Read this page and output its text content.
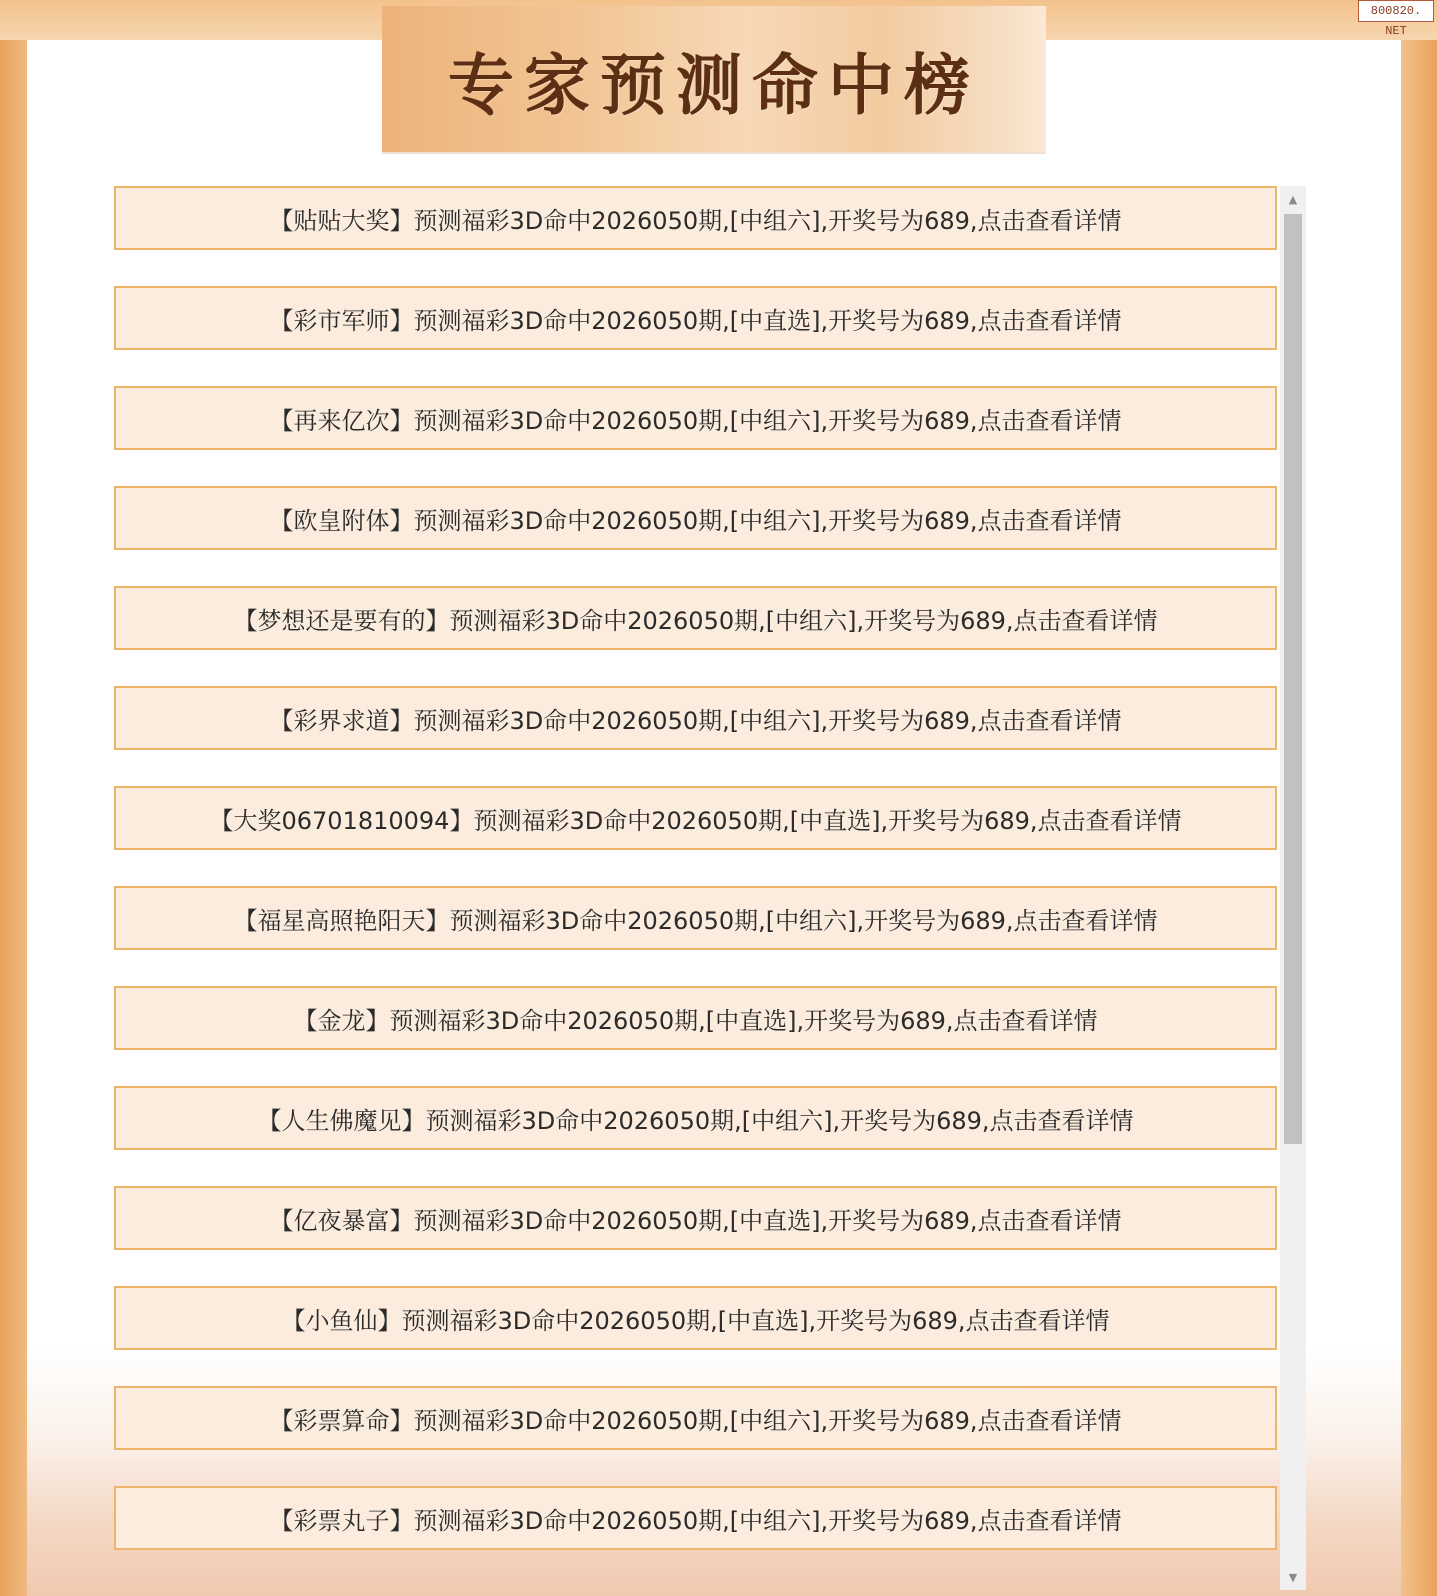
专家预测命中榜
800820. NET
【贴贴大奖】预测福彩3D命中2026050期,[中组六],开奖号为689,点击查看详情
【彩市军师】预测福彩3D命中2026050期,[中直选],开奖号为689,点击查看详情
【再来亿次】预测福彩3D命中2026050期,[中组六],开奖号为689,点击查看详情
【欧皇附体】预测福彩3D命中2026050期,[中组六],开奖号为689,点击查看详情
【梦想还是要有的】预测福彩3D命中2026050期,[中组六],开奖号为689,点击查看详情
【彩界求道】预测福彩3D命中2026050期,[中组六],开奖号为689,点击查看详情
【大奖06701810094】预测福彩3D命中2026050期,[中直选],开奖号为689,点击查看详情
【福星高照艳阳天】预测福彩3D命中2026050期,[中组六],开奖号为689,点击查看详情
【金龙】预测福彩3D命中2026050期,[中直选],开奖号为689,点击查看详情
【人生佛魔见】预测福彩3D命中2026050期,[中组六],开奖号为689,点击查看详情
【亿夜暴富】预测福彩3D命中2026050期,[中直选],开奖号为689,点击查看详情
【小鱼仙】预测福彩3D命中2026050期,[中直选],开奖号为689,点击查看详情
【彩票算命】预测福彩3D命中2026050期,[中组六],开奖号为689,点击查看详情
【彩票丸子】预测福彩3D命中2026050期,[中组六],开奖号为689,点击查看详情
▲
▼
